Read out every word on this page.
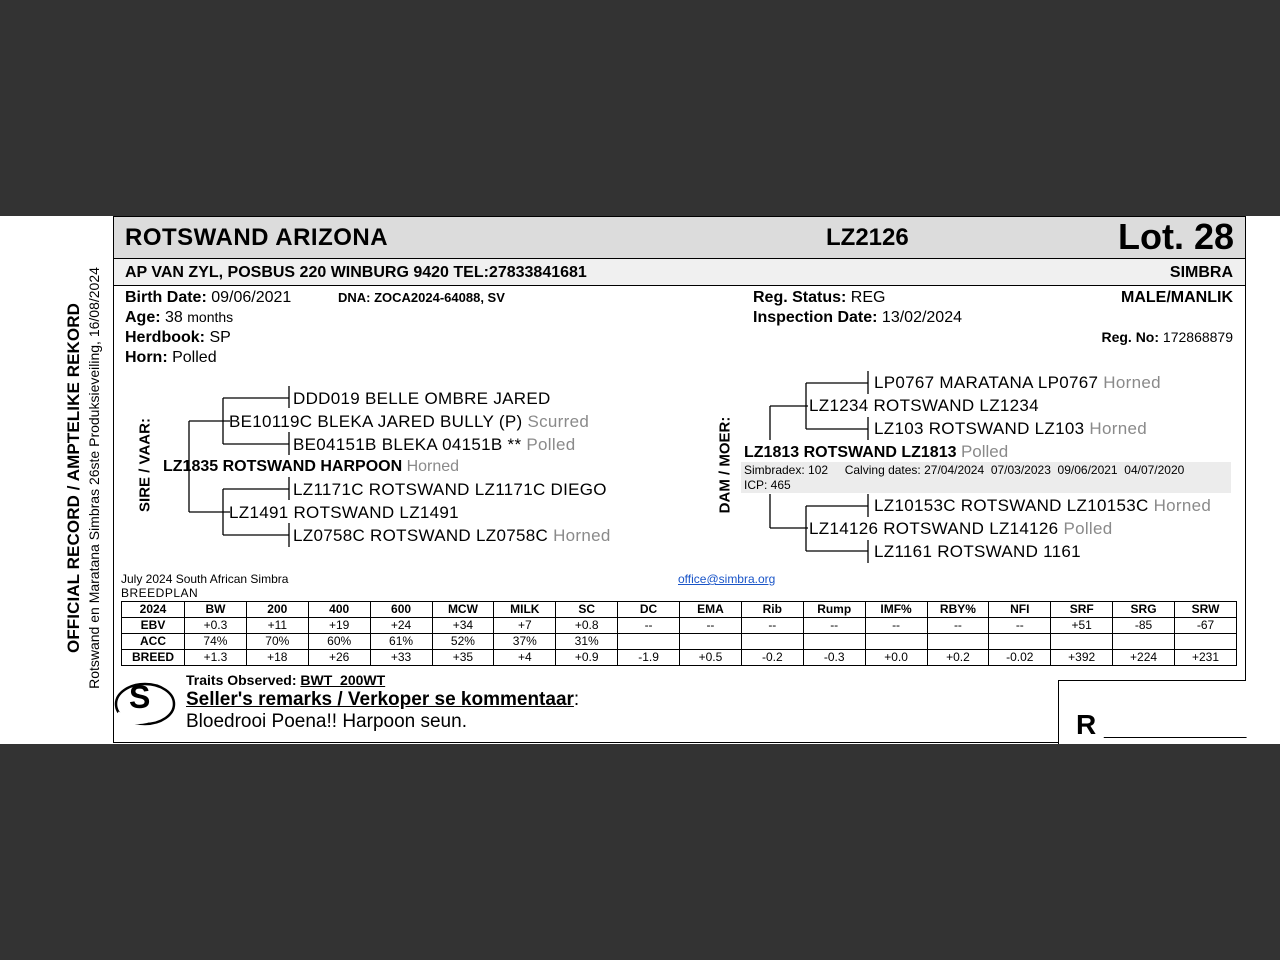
OFFICIAL RECORD / AMPTELIKE REKORD Rotswand en Maratana Simbras 26ste Produksieveiling, 16/08/2024
ROTSWAND ARIZONA	LZ2126	Lot. 28
AP VAN ZYL, POSBUS 220 WINBURG 9420 TEL:27833841681	SIMBRA
Birth Date: 09/06/2021	DNA: ZOCA2024-64088, SV
Age: 38 months
Herdbook: SP
Horn: Polled
Reg. Status: REG
Inspection Date: 13/02/2024
MALE/MANLIK
Reg. No: 172868879
SIRE / VAAR:
DDD019 BELLE OMBRE JARED
BE10119C BLEKA JARED BULLY (P) Scurred
BE04151B BLEKA 04151B ** Polled
LZ1835 ROTSWAND HARPOON Horned
LZ1171C ROTSWAND LZ1171C DIEGO
LZ1491 ROTSWAND LZ1491
LZ0758C ROTSWAND LZ0758C Horned
DAM / MOER:
LP0767 MARATANA LP0767 Horned
LZ1234 ROTSWAND LZ1234
LZ103 ROTSWAND LZ103 Horned
LZ1813 ROTSWAND LZ1813 Polled
Simbradex: 102     Calving dates: 27/04/2024  07/03/2023  09/06/2021  04/07/2020
ICP: 465
LZ10153C ROTSWAND LZ10153C Horned
LZ14126 ROTSWAND LZ14126 Polled
LZ1161 ROTSWAND 1161
July 2024 South African Simbra
BREEDPLAN
office@simbra.org
2024	BW	200	400	600	MCW	MILK	SC	DC	EMA	Rib	Rump	IMF%	RBY%	NFI	SRF	SRG	SRW
EBV	+0.3	+11	+19	+24	+34	+7	+0.8	--	--	--	--	--	--	--	+51	-85	-67
ACC	74%	70%	60%	61%	52%	37%	31%										
BREED	+1.3	+18	+26	+33	+35	+4	+0.9	-1.9	+0.5	-0.2	-0.3	+0.0	+0.2	-0.02	+392	+224	+231
S	Traits Observed: BWT  200WT
Seller's remarks / Verkoper se kommentaar:
Bloedrooi Poena!! Harpoon seun.	R ________________
